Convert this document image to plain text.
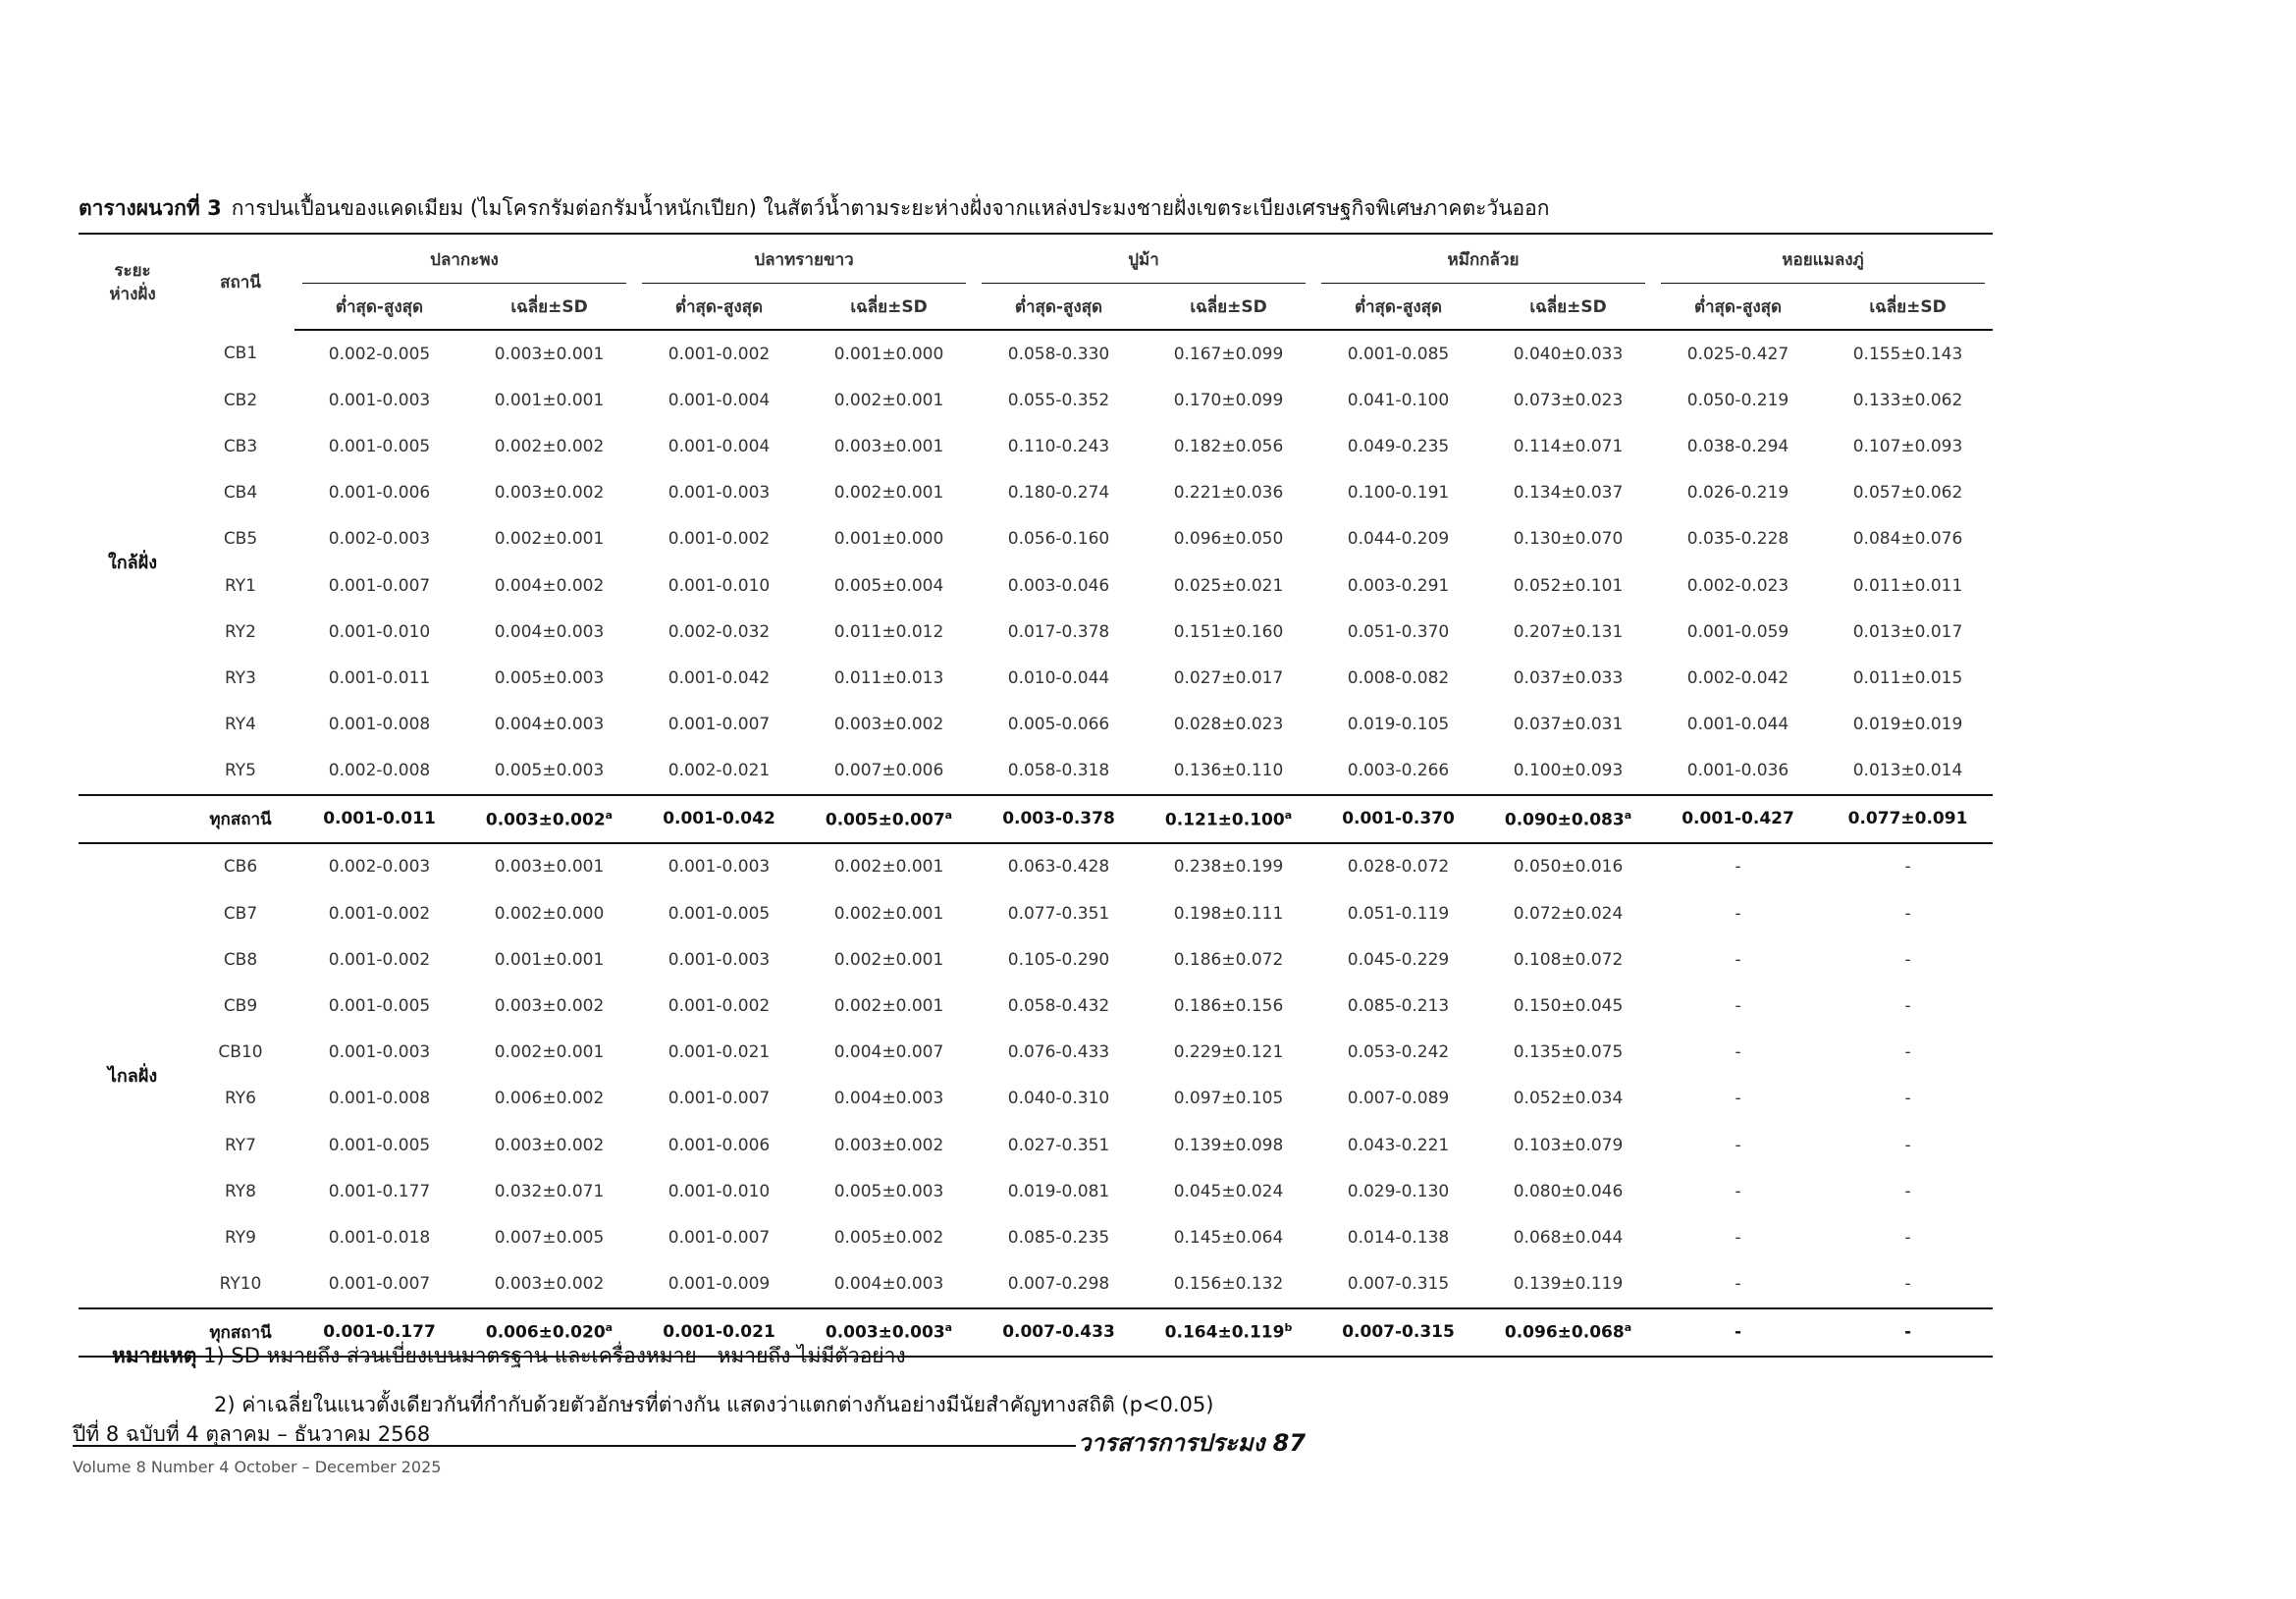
ตารางผนวกที่ 3 การปนเปื้อนของแคดเมียม (ไมโครกรัมต่อกรัมน้ำหนักเปียก) ในสัตว์น้ำตามระยะห่างฝั่งจากแหล่งประมงชายฝั่งเขตระเบียงเศรษฐกิจพิเศษภาคตะวันออก
ระยะ
ห่างฝั่ง	สถานี	ปลากะพง		ปลาทรายขาว		ปูม้า		หมึกกล้วย		หอยแมลงภู่	

		ต่ำสุด-สูงสุด	เฉลี่ย±SD	ต่ำสุด-สูงสุด	เฉลี่ย±SD	ต่ำสุด-สูงสุด	เฉลี่ย±SD	ต่ำสุด-สูงสุด	เฉลี่ย±SD	ต่ำสุด-สูงสุด	เฉลี่ย±SD
ใกล้ฝั่ง	CB1	0.002-0.005	0.003±0.001	0.001-0.002	0.001±0.000	0.058-0.330	0.167±0.099	0.001-0.085	0.040±0.033	0.025-0.427	0.155±0.143
	CB2	0.001-0.003	0.001±0.001	0.001-0.004	0.002±0.001	0.055-0.352	0.170±0.099	0.041-0.100	0.073±0.023	0.050-0.219	0.133±0.062
	CB3	0.001-0.005	0.002±0.002	0.001-0.004	0.003±0.001	0.110-0.243	0.182±0.056	0.049-0.235	0.114±0.071	0.038-0.294	0.107±0.093
	CB4	0.001-0.006	0.003±0.002	0.001-0.003	0.002±0.001	0.180-0.274	0.221±0.036	0.100-0.191	0.134±0.037	0.026-0.219	0.057±0.062
	CB5	0.002-0.003	0.002±0.001	0.001-0.002	0.001±0.000	0.056-0.160	0.096±0.050	0.044-0.209	0.130±0.070	0.035-0.228	0.084±0.076
	RY1	0.001-0.007	0.004±0.002	0.001-0.010	0.005±0.004	0.003-0.046	0.025±0.021	0.003-0.291	0.052±0.101	0.002-0.023	0.011±0.011
	RY2	0.001-0.010	0.004±0.003	0.002-0.032	0.011±0.012	0.017-0.378	0.151±0.160	0.051-0.370	0.207±0.131	0.001-0.059	0.013±0.017
	RY3	0.001-0.011	0.005±0.003	0.001-0.042	0.011±0.013	0.010-0.044	0.027±0.017	0.008-0.082	0.037±0.033	0.002-0.042	0.011±0.015
	RY4	0.001-0.008	0.004±0.003	0.001-0.007	0.003±0.002	0.005-0.066	0.028±0.023	0.019-0.105	0.037±0.031	0.001-0.044	0.019±0.019
	RY5	0.002-0.008	0.005±0.003	0.002-0.021	0.007±0.006	0.058-0.318	0.136±0.110	0.003-0.266	0.100±0.093	0.001-0.036	0.013±0.014
	ทุกสถานี	0.001-0.011	0.003±0.002$^a$	0.001-0.042	0.005±0.007$^a$	0.003-0.378	0.121±0.100$^a$	0.001-0.370	0.090±0.083$^a$	0.001-0.427	0.077±0.091
ไกลฝั่ง	CB6	0.002-0.003	0.003±0.001	0.001-0.003	0.002±0.001	0.063-0.428	0.238±0.199	0.028-0.072	0.050±0.016	-	-
	CB7	0.001-0.002	0.002±0.000	0.001-0.005	0.002±0.001	0.077-0.351	0.198±0.111	0.051-0.119	0.072±0.024	-	-
	CB8	0.001-0.002	0.001±0.001	0.001-0.003	0.002±0.001	0.105-0.290	0.186±0.072	0.045-0.229	0.108±0.072	-	-
	CB9	0.001-0.005	0.003±0.002	0.001-0.002	0.002±0.001	0.058-0.432	0.186±0.156	0.085-0.213	0.150±0.045	-	-
	CB10	0.001-0.003	0.002±0.001	0.001-0.021	0.004±0.007	0.076-0.433	0.229±0.121	0.053-0.242	0.135±0.075	-	-
	RY6	0.001-0.008	0.006±0.002	0.001-0.007	0.004±0.003	0.040-0.310	0.097±0.105	0.007-0.089	0.052±0.034	-	-
	RY7	0.001-0.005	0.003±0.002	0.001-0.006	0.003±0.002	0.027-0.351	0.139±0.098	0.043-0.221	0.103±0.079	-	-
	RY8	0.001-0.177	0.032±0.071	0.001-0.010	0.005±0.003	0.019-0.081	0.045±0.024	0.029-0.130	0.080±0.046	-	-
	RY9	0.001-0.018	0.007±0.005	0.001-0.007	0.005±0.002	0.085-0.235	0.145±0.064	0.014-0.138	0.068±0.044	-	-
	RY10	0.001-0.007	0.003±0.002	0.001-0.009	0.004±0.003	0.007-0.298	0.156±0.132	0.007-0.315	0.139±0.119	-	-
	ทุกสถานี	0.001-0.177	0.006±0.020$^a$	0.001-0.021	0.003±0.003$^a$	0.007-0.433	0.164±0.119$^b$	0.007-0.315	0.096±0.068$^a$	-	-
หมายเหตุ 1) SD หมายถึง ส่วนเบี่ยงเบนมาตรฐาน และเครื่องหมาย - หมายถึง ไม่มีตัวอย่าง
2) ค่าเฉลี่ยในแนวตั้งเดียวกันที่กำกับด้วยตัวอักษรที่ต่างกัน แสดงว่าแตกต่างกันอย่างมีนัยสำคัญทางสถิติ (p<0.05)
ปีที่ 8 ฉบับที่ 4 ตุลาคม – ธันวาคม 2568	วารสารการประมง 87
Volume 8 Number 4 October – December 2025
